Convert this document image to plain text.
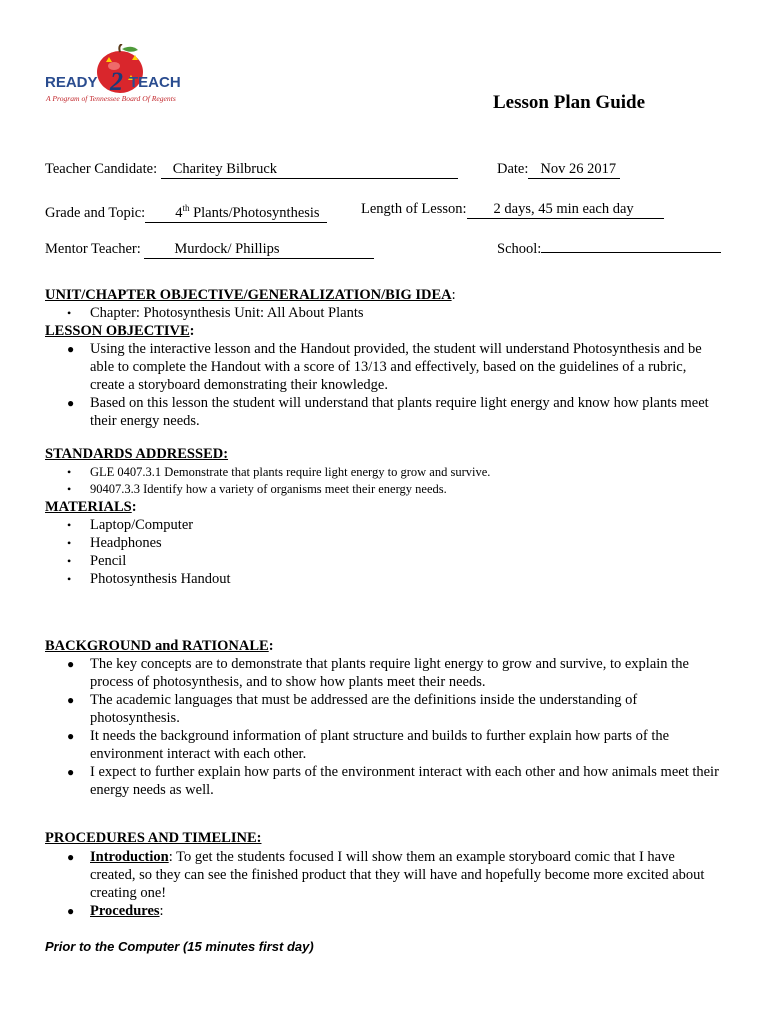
READY 2 TEACH
A Program of Tennessee Board Of Regents	Lesson Plan Guide
Teacher Candidate: Charitey Bilbruck	Date: Nov 26 2017
Grade and Topic: 4th Plants/Photosynthesis	Length of Lesson: 2 days, 45 min each day
Mentor Teacher: Murdock/ Phillips	School:
UNIT/CHAPTER OBJECTIVE/GENERALIZATION/BIG IDEA:
• Chapter: Photosynthesis Unit: All About Plants
LESSON OBJECTIVE:
● Using the interactive lesson and the Handout provided, the student will understand Photosynthesis and be able to complete the Handout with a score of 13/13 and effectively, based on the guidelines of a rubric, create a storyboard demonstrating their knowledge.
● Based on this lesson the student will understand that plants require light energy and know how plants meet their energy needs.
STANDARDS ADDRESSED:
• GLE 0407.3.1 Demonstrate that plants require light energy to grow and survive.
• 90407.3.3 Identify how a variety of organisms meet their energy needs.
MATERIALS:
• Laptop/Computer
• Headphones
• Pencil
• Photosynthesis Handout
BACKGROUND and RATIONALE:
● The key concepts are to demonstrate that plants require light energy to grow and survive, to explain the process of photosynthesis, and to show how plants meet their needs.
● The academic languages that must be addressed are the definitions inside the understanding of photosynthesis.
● It needs the background information of plant structure and builds to further explain how parts of the environment interact with each other.
● I expect to further explain how parts of the environment interact with each other and how animals meet their energy needs as well.
PROCEDURES AND TIMELINE:
● Introduction: To get the students focused I will show them an example storyboard comic that I have created, so they can see the finished product that they will have and hopefully become more excited about creating one!
● Procedures:
Prior to the Computer (15 minutes first day)
